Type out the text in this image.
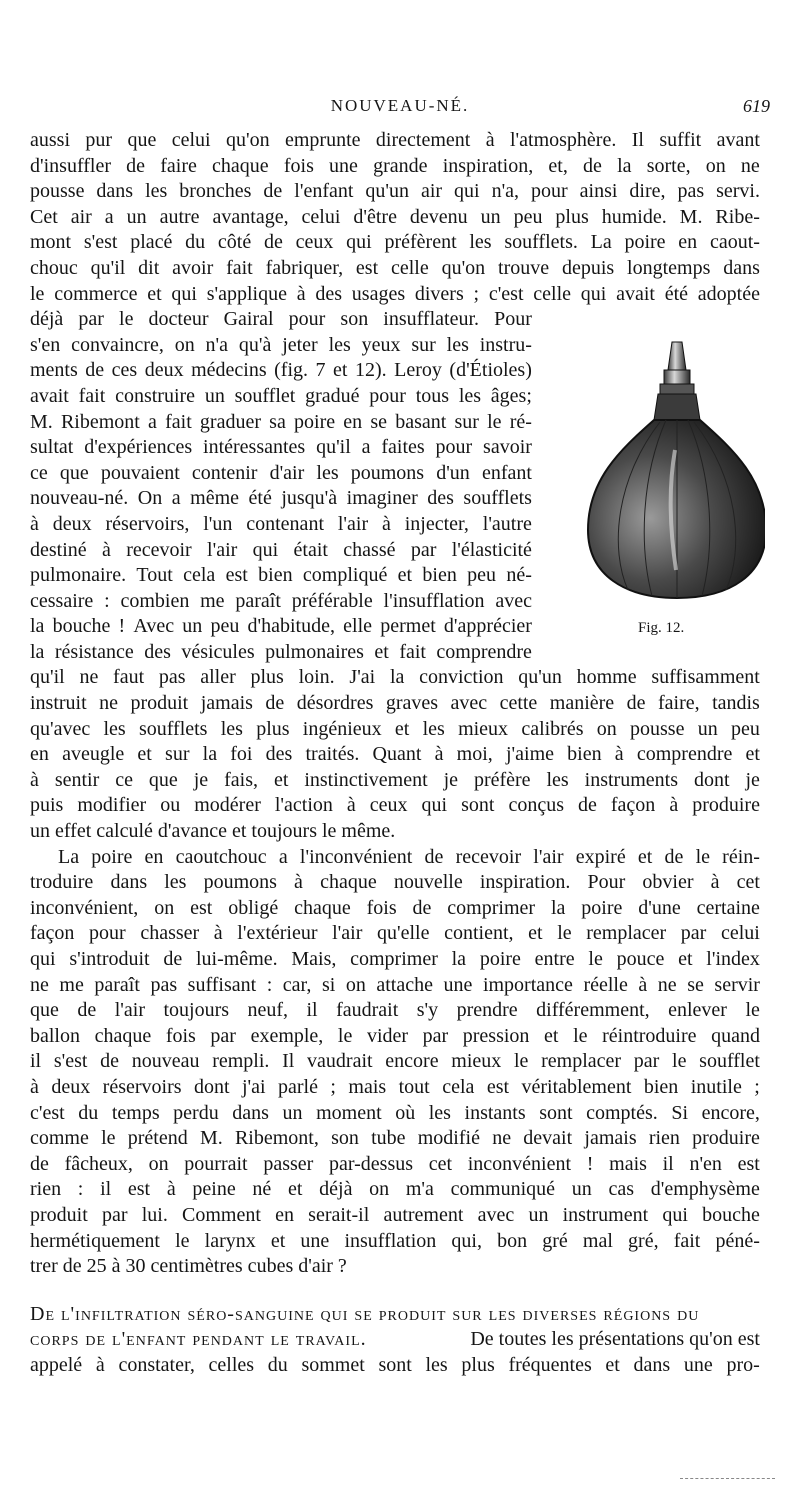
NOUVEAU-NÉ.	619
Fig. 12.
aussi pur que celui qu'on emprunte directement à l'atmosphère. Il suffit avant
d'insuffler de faire chaque fois une grande inspiration, et, de la sorte, on ne
pousse dans les bronches de l'enfant qu'un air qui n'a, pour ainsi dire, pas servi.
Cet air a un autre avantage, celui d'être devenu un peu plus humide. M. Ribe-
mont s'est placé du côté de ceux qui préfèrent les soufflets. La poire en caout-
chouc qu'il dit avoir fait fabriquer, est celle qu'on trouve depuis longtemps dans
le commerce et qui s'applique à des usages divers ; c'est celle qui avait été adoptée
déjà par le docteur Gairal pour son insufflateur. Pour
s'en convaincre, on n'a qu'à jeter les yeux sur les instru-
ments de ces deux médecins (fig. 7 et 12). Leroy (d'Étioles)
avait fait construire un soufflet gradué pour tous les âges;
M. Ribemont a fait graduer sa poire en se basant sur le ré-
sultat d'expériences intéressantes qu'il a faites pour savoir
ce que pouvaient contenir d'air les poumons d'un enfant
nouveau-né. On a même été jusqu'à imaginer des soufflets
à deux réservoirs, l'un contenant l'air à injecter, l'autre
destiné à recevoir l'air qui était chassé par l'élasticité
pulmonaire. Tout cela est bien compliqué et bien peu né-
cessaire : combien me paraît préférable l'insufflation avec
la bouche ! Avec un peu d'habitude, elle permet d'apprécier
la résistance des vésicules pulmonaires et fait comprendre
qu'il ne faut pas aller plus loin. J'ai la conviction qu'un homme suffisamment
instruit ne produit jamais de désordres graves avec cette manière de faire, tandis
qu'avec les soufflets les plus ingénieux et les mieux calibrés on pousse un peu
en aveugle et sur la foi des traités. Quant à moi, j'aime bien à comprendre et
à sentir ce que je fais, et instinctivement je préfère les instruments dont je
puis modifier ou modérer l'action à ceux qui sont conçus de façon à produire
un effet calculé d'avance et toujours le même.
La poire en caoutchouc a l'inconvénient de recevoir l'air expiré et de le réin-
troduire dans les poumons à chaque nouvelle inspiration. Pour obvier à cet
inconvénient, on est obligé chaque fois de comprimer la poire d'une certaine
façon pour chasser à l'extérieur l'air qu'elle contient, et le remplacer par celui
qui s'introduit de lui-même. Mais, comprimer la poire entre le pouce et l'index
ne me paraît pas suffisant : car, si on attache une importance réelle à ne se servir
que de l'air toujours neuf, il faudrait s'y prendre différemment, enlever le
ballon chaque fois par exemple, le vider par pression et le réintroduire quand
il s'est de nouveau rempli. Il vaudrait encore mieux le remplacer par le soufflet
à deux réservoirs dont j'ai parlé ; mais tout cela est véritablement bien inutile ;
c'est du temps perdu dans un moment où les instants sont comptés. Si encore,
comme le prétend M. Ribemont, son tube modifié ne devait jamais rien produire
de fâcheux, on pourrait passer par-dessus cet inconvénient ! mais il n'en est
rien : il est à peine né et déjà on m'a communiqué un cas d'emphysème
produit par lui. Comment en serait-il autrement avec un instrument qui bouche
hermétiquement le larynx et une insufflation qui, bon gré mal gré, fait péné-
trer de 25 à 30 centimètres cubes d'air ?
De l'infiltration séro-sanguine qui se produit sur les diverses régions du
corps de l'enfant pendant le travail.	De toutes les présentations qu'on est
appelé à constater, celles du sommet sont les plus fréquentes et dans une pro-
